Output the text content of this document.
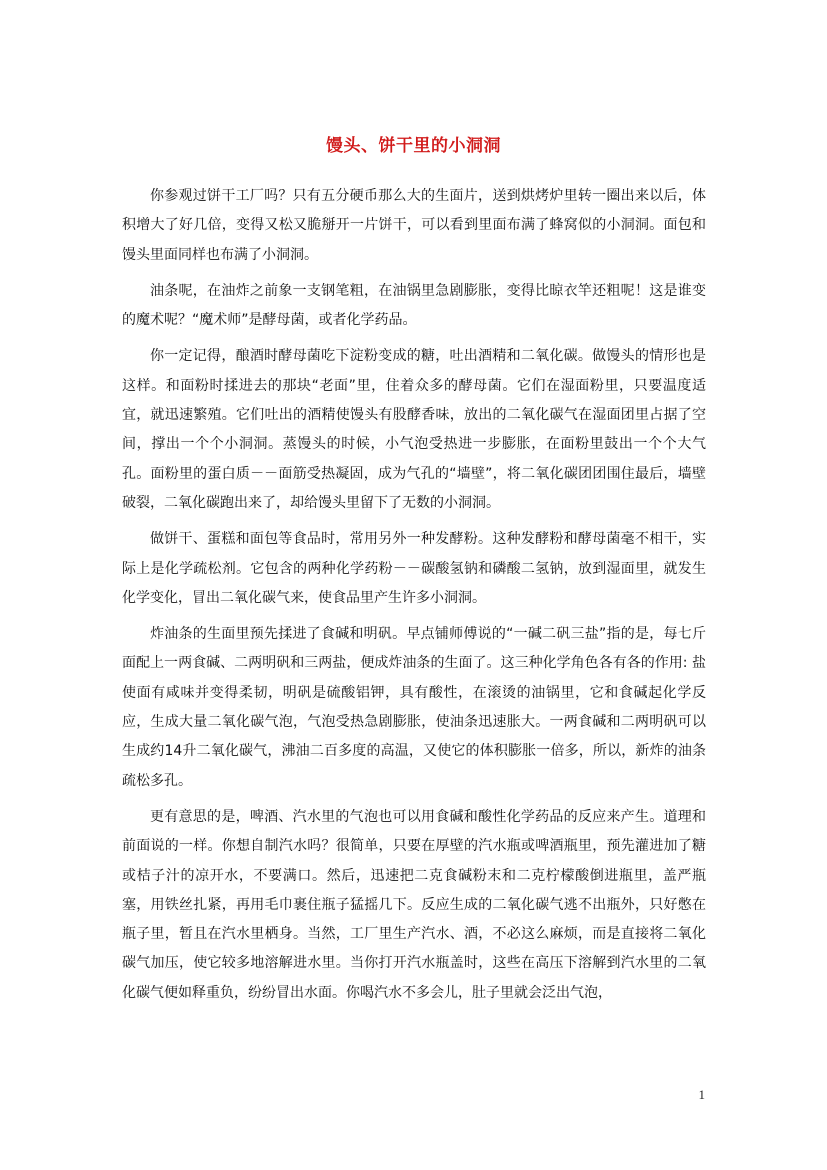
馒头、饼干里的小洞洞

你参观过饼干工厂吗？只有五分硬币那么大的生面片，送到烘烤炉里转一圈出来以后，体积增大了好几倍，变得又松又脆掰开一片饼干，可以看到里面布满了蜂窝似的小洞洞。面包和馒头里面同样也布满了小洞洞。

油条呢，在油炸之前象一支钢笔粗，在油锅里急剧膨胀，变得比晾衣竿还粗呢！这是谁变的魔术呢？“魔术师”是酵母菌，或者化学药品。

你一定记得，酿酒时酵母菌吃下淀粉变成的糖，吐出酒精和二氧化碳。做馒头的情形也是这样。和面粉时揉进去的那块“老面”里，住着众多的酵母菌。它们在湿面粉里，只要温度适宜，就迅速繁殖。它们吐出的酒精使馒头有股酵香味，放出的二氧化碳气在湿面团里占据了空间，撑出一个个小洞洞。蒸馒头的时候，小气泡受热进一步膨胀，在面粉里鼓出一个个大气孔。面粉里的蛋白质－－面筋受热凝固，成为气孔的“墙壁”，将二氧化碳团团围住最后，墙壁破裂，二氧化碳跑出来了，却给馒头里留下了无数的小洞洞。

做饼干、蛋糕和面包等食品时，常用另外一种发酵粉。这种发酵粉和酵母菌毫不相干，实际上是化学疏松剂。它包含的两种化学药粉－－碳酸氢钠和磷酸二氢钠，放到湿面里，就发生化学变化，冒出二氧化碳气来，使食品里产生许多小洞洞。

炸油条的生面里预先揉进了食碱和明矾。早点铺师傅说的“一碱二矾三盐”指的是，每七斤面配上一两食碱、二两明矾和三两盐，便成炸油条的生面了。这三种化学角色各有各的作用: 盐使面有咸味并变得柔韧，明矾是硫酸铝钾，具有酸性，在滚烫的油锅里，它和食碱起化学反应，生成大量二氧化碳气泡，气泡受热急剧膨胀，使油条迅速胀大。一两食碱和二两明矾可以生成约14升二氧化碳气，沸油二百多度的高温，又使它的体积膨胀一倍多，所以，新炸的油条疏松多孔。

更有意思的是，啤酒、汽水里的气泡也可以用食碱和酸性化学药品的反应来产生。道理和前面说的一样。你想自制汽水吗？很简单，只要在厚壁的汽水瓶或啤酒瓶里，预先灌进加了糖或桔子汁的凉开水，不要满口。然后，迅速把二克食碱粉末和二克柠檬酸倒进瓶里，盖严瓶塞，用铁丝扎紧，再用毛巾裹住瓶子猛摇几下。反应生成的二氧化碳气逃不出瓶外，只好憋在瓶子里，暂且在汽水里栖身。当然，工厂里生产汽水、酒，不必这么麻烦，而是直接将二氧化碳气加压，使它较多地溶解进水里。当你打开汽水瓶盖时，这些在高压下溶解到汽水里的二氧化碳气便如释重负，纷纷冒出水面。你喝汽水不多会儿，肚子里就会泛出气泡，

1
